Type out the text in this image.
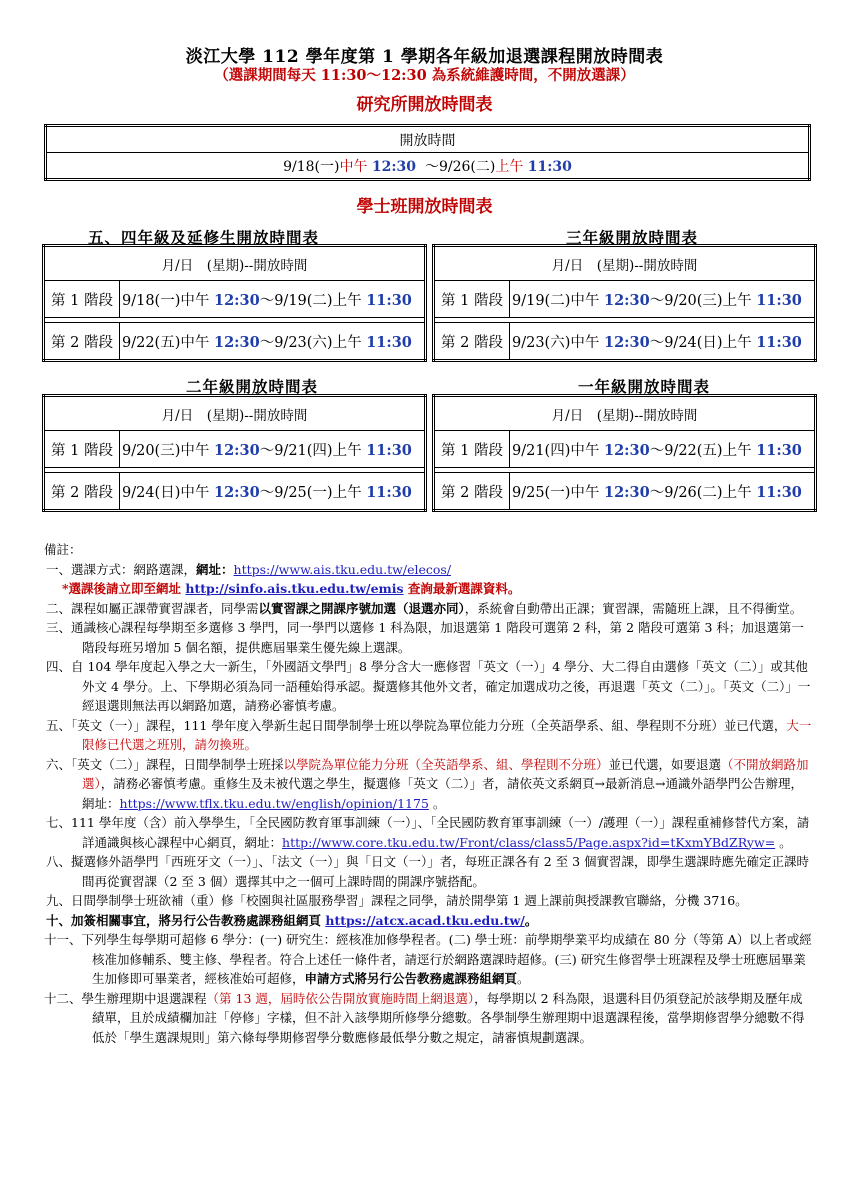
淡江大學 112 學年度第 1 學期各年級加退選課程開放時間表
（選課期間每天 11:30～12:30 為系統維護時間，不開放選課）
研究所開放時間表
開放時間
9/18(一)中午 12:30 ～9/26(二)上午 11:30
學士班開放時間表
五、四年級及延修生開放時間表	三年級開放時間表
二年級開放時間表	一年級開放時間表
月/日　(星期)--開放時間	
第 1 階段	9/18(一)中午 12:30～9/19(二)上午 11:30

第 2 階段	9/22(五)中午 12:30～9/23(六)上午 11:30
月/日　(星期)--開放時間	
第 1 階段	9/19(二)中午 12:30～9/20(三)上午 11:30

第 2 階段	9/23(六)中午 12:30～9/24(日)上午 11:30
月/日　(星期)--開放時間	
第 1 階段	9/20(三)中午 12:30～9/21(四)上午 11:30

第 2 階段	9/24(日)中午 12:30～9/25(一)上午 11:30
月/日　(星期)--開放時間	
第 1 階段	9/21(四)中午 12:30～9/22(五)上午 11:30

第 2 階段	9/25(一)中午 12:30～9/26(二)上午 11:30

備註：

一、選課方式：網路選課，網址：https://www.ais.tku.edu.tw/elecos/

*選課後請立即至網址 http://sinfo.ais.tku.edu.tw/emis 查詢最新選課資料。

二、課程如屬正課帶實習課者，同學需以實習課之開課序號加選（退選亦同），系統會自動帶出正課；實習課，需隨班上課，且不得衝堂。

三、通識核心課程每學期至多選修 3 學門，同一學門以選修 1 科為限，加退選第 1 階段可選第 2 科，第 2 階段可選第 3 科；加退選第一階段每班另增加 5 個名額，提供應屆畢業生優先線上選課。

四、自 104 學年度起入學之大一新生，「外國語文學門」8 學分含大一應修習「英文（一）」4 學分、大二得自由選修「英文（二）」或其他外文 4 學分。上、下學期必須為同一語種始得承認。擬選修其他外文者，確定加選成功之後，再退選「英文（二）」。「英文（二）」一經退選則無法再以網路加選，請務必審慎考慮。

五、「英文（一）」課程，111 學年度入學新生起日間學制學士班以學院為單位能力分班（全英語學系、組、學程則不分班）並已代選，大一限修已代選之班別，請勿換班。

六、「英文（二）」課程，日間學制學士班採以學院為單位能力分班（全英語學系、組、學程則不分班）並已代選，如要退選（不開放網路加選），請務必審慎考慮。重修生及未被代選之學生，擬選修「英文（二）」者，請依英文系網頁→最新消息→通識外語學門公告辦理，網址：https://www.tflx.tku.edu.tw/english/opinion/1175 。

七、111 學年度（含）前入學學生，「全民國防教育軍事訓練（一）」、「全民國防教育軍事訓練（一）/護理（一）」課程重補修替代方案，請詳通識與核心課程中心網頁，網址：http://www.core.tku.edu.tw/Front/class/class5/Page.aspx?id=tKxmYBdZRyw= 。

八、擬選修外語學門「西班牙文（一）」、「法文（一）」與「日文（一）」者，每班正課各有 2 至 3 個實習課，即學生選課時應先確定正課時間再從實習課（2 至 3 個）選擇其中之一個可上課時間的開課序號搭配。

九、日間學制學士班欲補（重）修「校園與社區服務學習」課程之同學，請於開學第 1 週上課前與授課教官聯絡，分機 3716。

十、加簽相關事宜，將另行公告教務處課務組網頁 https://atcx.acad.tku.edu.tw/。

十一、下列學生每學期可超修 6 學分：(一) 研究生：經核准加修學程者。(二) 學士班：前學期學業平均成績在 80 分（等第 A）以上者或經核准加修輔系、雙主修、學程者。符合上述任一條件者，請逕行於網路選課時超修。(三) 研究生修習學士班課程及學士班應屆畢業生加修即可畢業者，經核准始可超修，申請方式將另行公告教務處課務組網頁。

十二、學生辦理期中退選課程（第 13 週，屆時依公告開放實施時間上網退選），每學期以 2 科為限，退選科目仍須登記於該學期及歷年成績單，且於成績欄加註「停修」字樣，但不計入該學期所修學分總數。各學制學生辦理期中退選課程後，當學期修習學分總數不得低於「學生選課規則」第六條每學期修習學分數應修最低學分數之規定，請審慎規劃選課。
